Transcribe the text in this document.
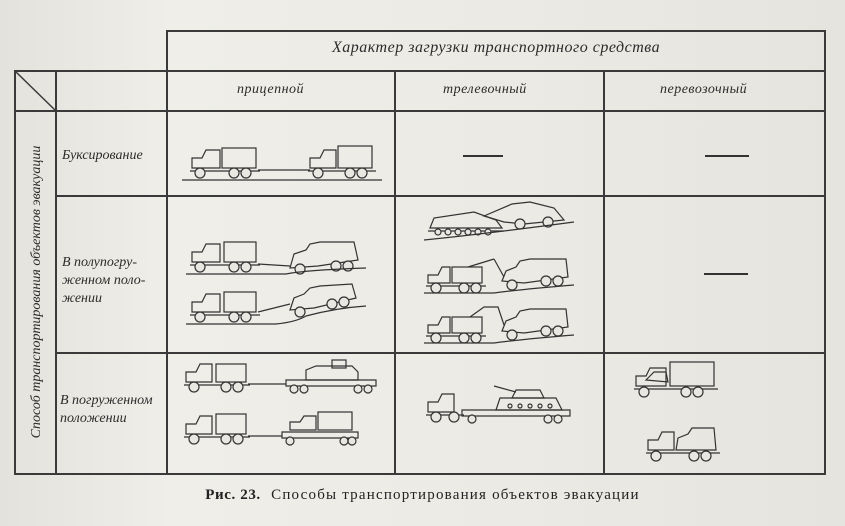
Характер загрузки транспортного средства
прицепной	трелевочный	перевозочный
Способ транспортирования объектов эвакуации Буксирование
В полупогру-женном поло-жении
В погруженном положении
Рис. 23. Способы транспортирования объектов эвакуации
